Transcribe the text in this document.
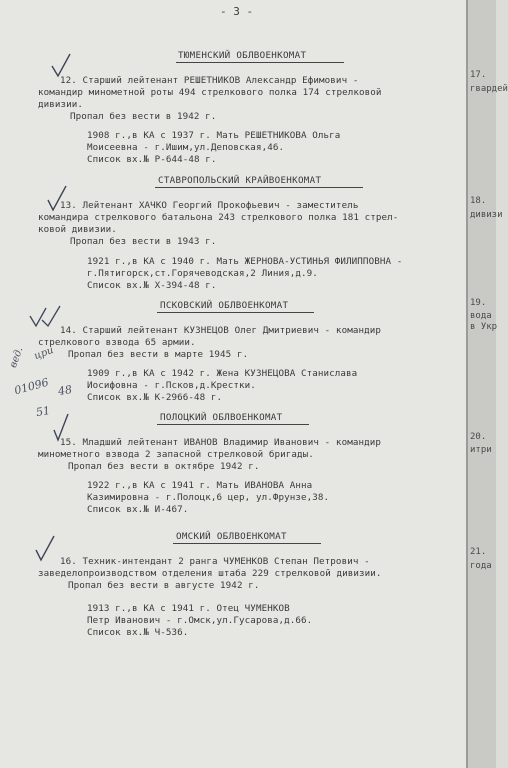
- 3 -
ТЮМЕНСКИЙ ОБЛВОЕНКОМАТ
12. Старший лейтенант РЕШЕТНИКОВ Александр Ефимович -
командир минометной роты 494 стрелкового полка 174 стрелковой
дивизии.
Пропал без вести в 1942 г.
1908 г.,в КА с 1937 г. Мать РЕШЕТНИКОВА Ольга
Моисеевна - г.Ишим,ул.Деповская,46.
Список вх.№ Р-644-48 г.
СТАВРОПОЛЬСКИЙ КРАЙВОЕНКОМАТ
13. Лейтенант ХАЧКО Георгий Прокофьевич - заместитель
командира стрелкового батальона 243 стрелкового полка 181 стрел-
ковой дивизии.
Пропал без вести в 1943 г.
1921 г.,в КА с 1940 г. Мать ЖЕРНОВА-УСТИНЬЯ ФИЛИППОВНА -
г.Пятигорск,ст.Горячеводская,2 Линия,д.9.
Список вх.№ Х-394-48 г.
ПСКОВСКИЙ ОБЛВОЕНКОМАТ
14. Старший лейтенант КУЗНЕЦОВ Олег Дмитриевич - командир
стрелкового взвода 65 армии.
Пропал без вести в марте 1945 г.
1909 г.,в КА с 1942 г. Жена КУЗНЕЦОВА Станислава
Иосифовна - г.Псков,д.Крестки.
Список вх.№ К-2966-48 г.
ПОЛОЦКИЙ ОБЛВОЕНКОМАТ
15. Младший лейтенант ИВАНОВ Владимир Иванович - командир
минометного взвода 2 запасной стрелковой бригады.
Пропал без вести в октябре 1942 г.
1922 г.,в КА с 1941 г. Мать ИВАНОВА Анна
Казимировна - г.Полоцк,6 цер, ул.Фрунзе,38.
Список вх.№ И-467.
ОМСКИЙ ОБЛВОЕНКОМАТ
16. Техник-интендант 2 ранга ЧУМЕНКОВ Степан Петрович -
заведелопроизводством отделения штаба 229 стрелковой дивизии.
Пропал без вести в августе 1942 г.
1913 г.,в КА с 1941 г. Отец ЧУМЕНКОВ
Петр Иванович - г.Омск,ул.Гусарова,д.66.
Список вх.№ Ч-536.
вед. цри
01096 48
51
17.
гвардей
18.
дивизи
19.
вода
в Укр
20.
итри
21.
года
